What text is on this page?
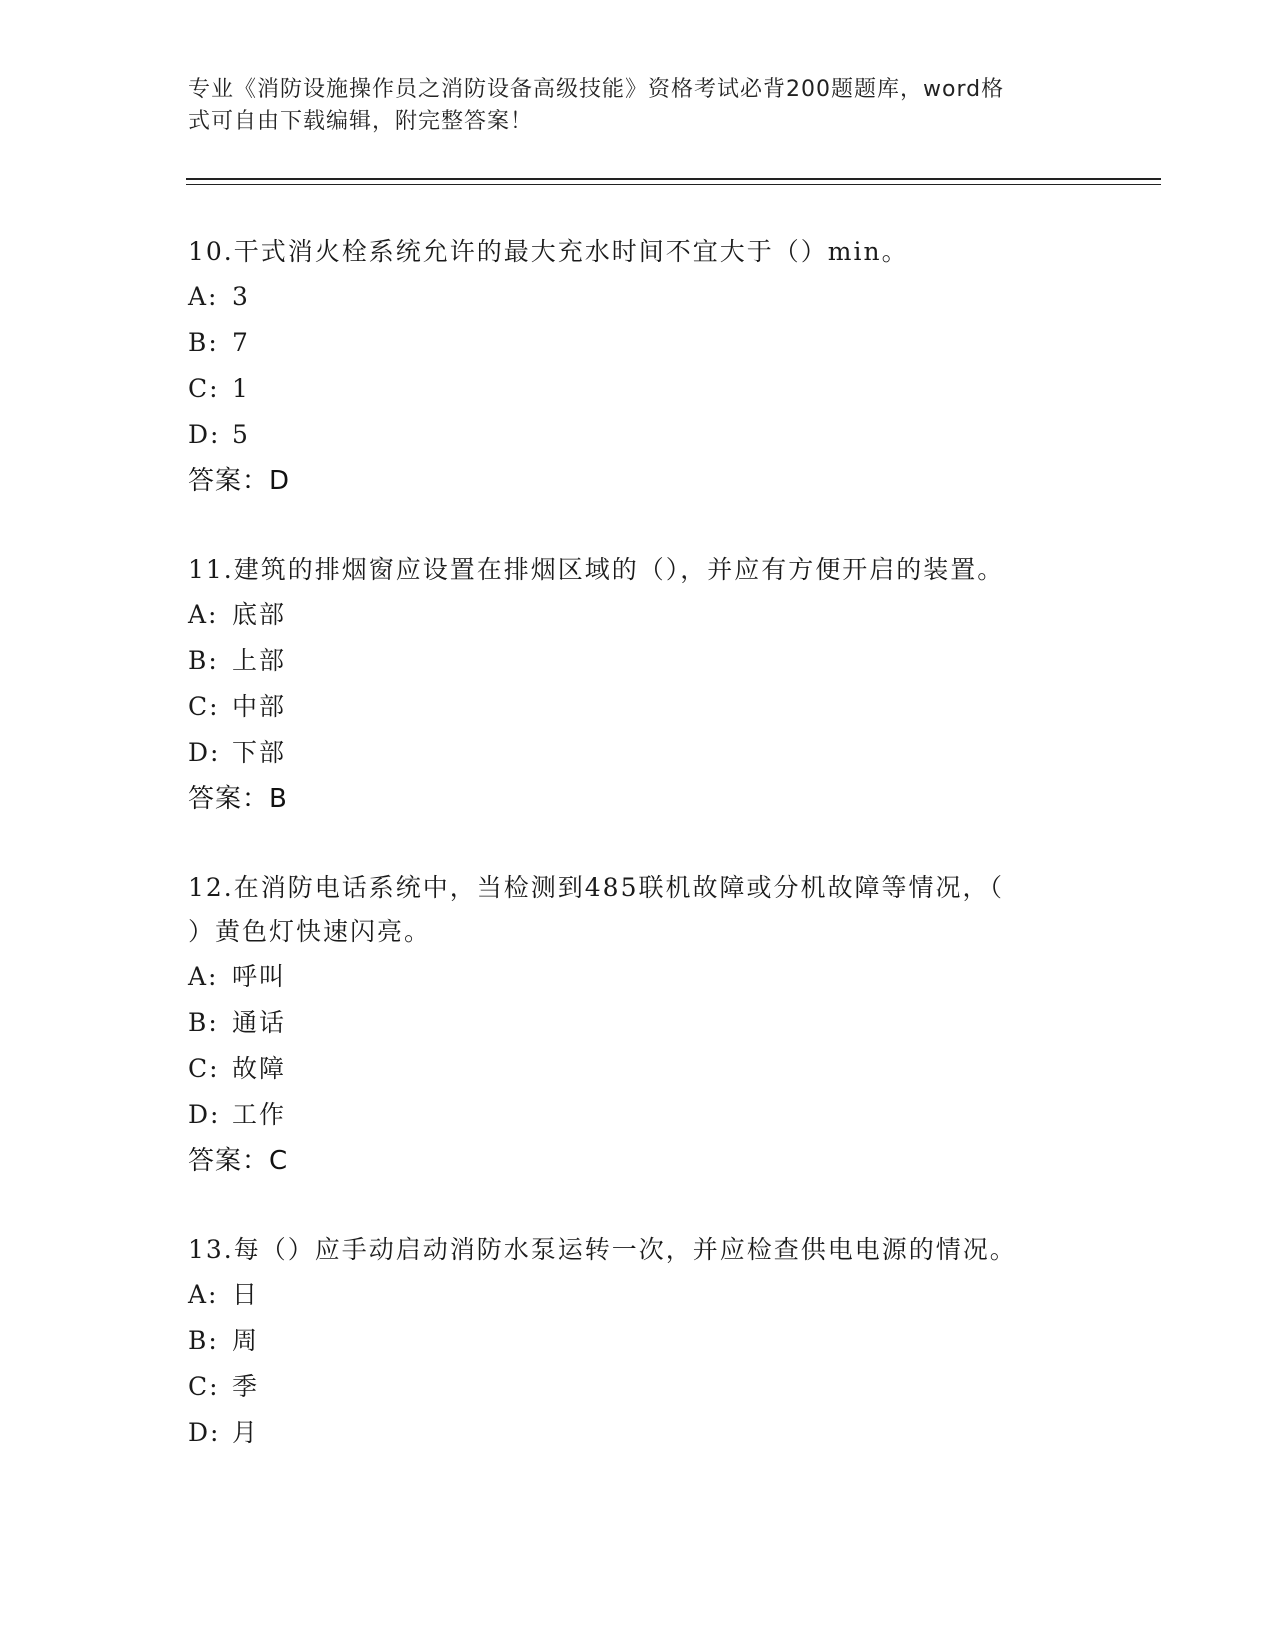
专业《消防设施操作员之消防设备高级技能》资格考试必背200题题库，word格
式可自由下载编辑，附完整答案！
10.干式消火栓系统允许的最大充水时间不宜大于（）min。
A: 3
B: 7
C: 1
D: 5
答案：D
11.建筑的排烟窗应设置在排烟区域的（），并应有方便开启的装置。
A: 底部
B: 上部
C: 中部
D: 下部
答案：B
12.在消防电话系统中，当检测到485联机故障或分机故障等情况，（
）黄色灯快速闪亮。
A: 呼叫
B: 通话
C: 故障
D: 工作
答案：C
13.每（）应手动启动消防水泵运转一次，并应检查供电电源的情况。
A: 日
B: 周
C: 季
D: 月
